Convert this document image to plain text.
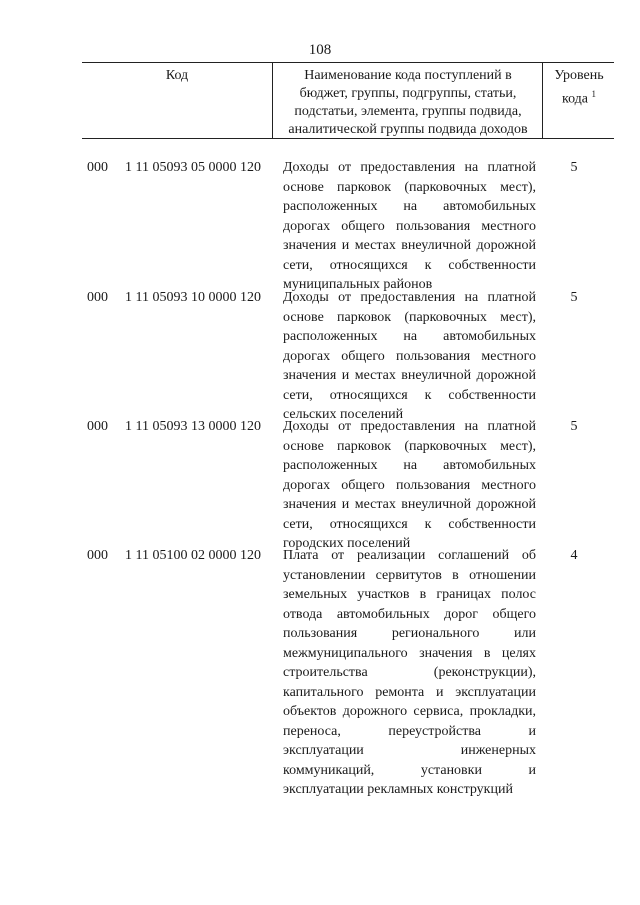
108
Код	Наименование кода поступлений в
бюджет, группы, подгруппы, статьи,
подстатьи, элемента, группы подвида,
аналитической группы подвида доходов
Уровень
кода $^1$
000 1 11 05093 05 0000 120 Доходы от предоставления на платной
основе парковок (парковочных мест),
расположенных на автомобильных
дорогах общего пользования местного
значения и местах внеуличной дорожной
сети, относящихся к собственности
муниципальных районов
5
000 1 11 05093 10 0000 120 Доходы от предоставления на платной
основе парковок (парковочных мест),
расположенных на автомобильных
дорогах общего пользования местного
значения и местах внеуличной дорожной
сети, относящихся к собственности
сельских поселений
5
000 1 11 05093 13 0000 120 Доходы от предоставления на платной
основе парковок (парковочных мест),
расположенных на автомобильных
дорогах общего пользования местного
значения и местах внеуличной дорожной
сети, относящихся к собственности
городских поселений
5
000 1 11 05100 02 0000 120 Плата от реализации соглашений об
установлении сервитутов в отношении
земельных участков в границах полос
отвода автомобильных дорог общего
пользования регионального или
межмуниципального значения в целях
строительства (реконструкции),
капитального ремонта и эксплуатации
объектов дорожного сервиса, прокладки,
переноса, переустройства и
эксплуатации инженерных
коммуникаций, установки и
эксплуатации рекламных конструкций
4
